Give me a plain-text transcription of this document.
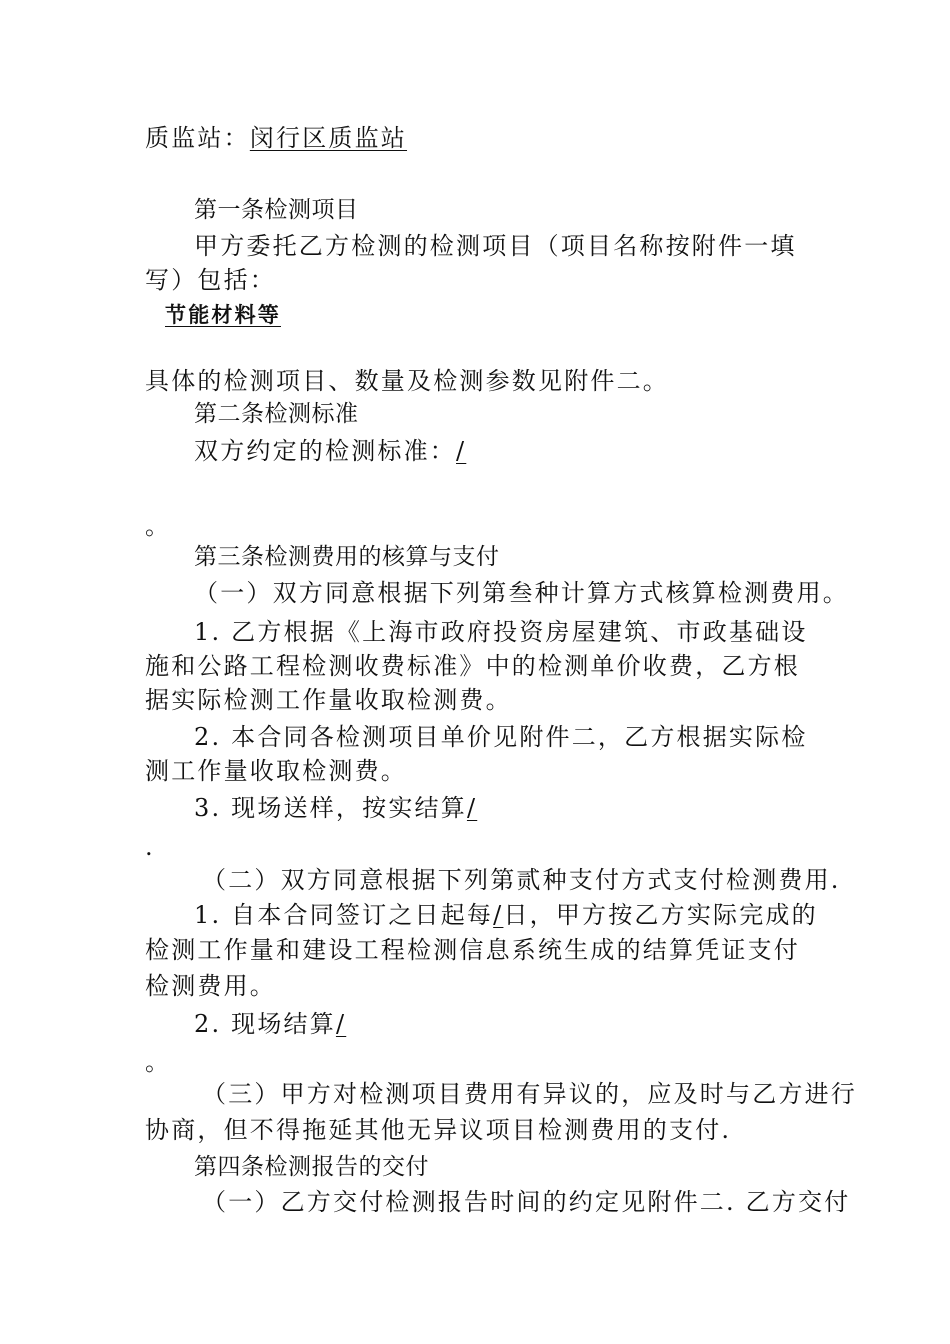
质监站：闵行区质监站
第一条检测项目
甲方委托乙方检测的检测项目（项目名称按附件一填
写）包括：
节能材料等
具体的检测项目、数量及检测参数见附件二。
第二条检测标准
双方约定的检测标准：/
。
第三条检测费用的核算与支付
（一）双方同意根据下列第叁种计算方式核算检测费用。
1. 乙方根据《上海市政府投资房屋建筑、市政基础设
施和公路工程检测收费标准》中的检测单价收费，乙方根
据实际检测工作量收取检测费。
2. 本合同各检测项目单价见附件二，乙方根据实际检
测工作量收取检测费。
3. 现场送样，按实结算/
.
（二）双方同意根据下列第贰种支付方式支付检测费用.
1. 自本合同签订之日起每/日，甲方按乙方实际完成的
检测工作量和建设工程检测信息系统生成的结算凭证支付
检测费用。
2. 现场结算/
。
（三）甲方对检测项目费用有异议的，应及时与乙方进行
协商，但不得拖延其他无异议项目检测费用的支付.
第四条检测报告的交付
（一）乙方交付检测报告时间的约定见附件二. 乙方交付
